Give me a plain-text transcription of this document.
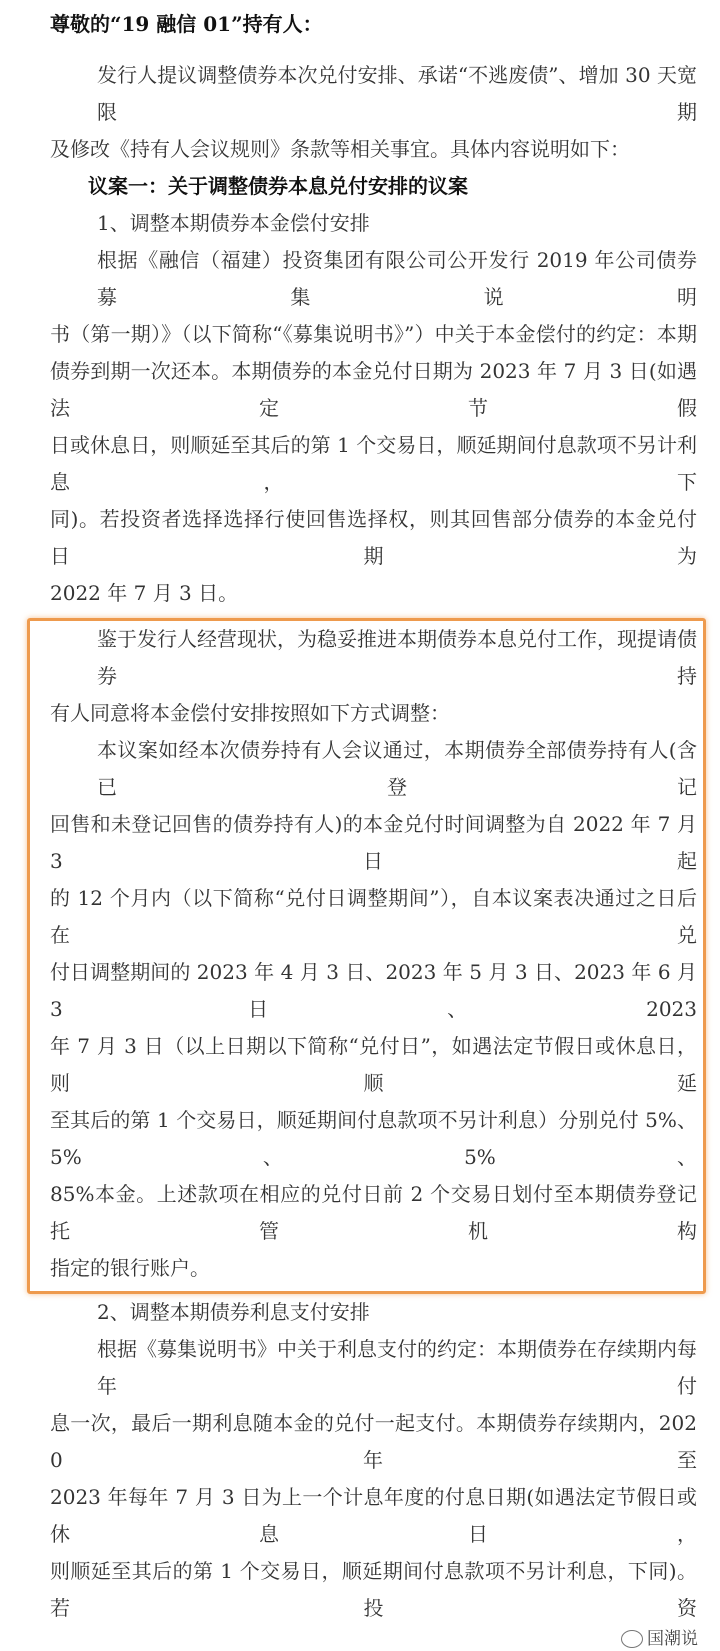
尊敬的“19 融信 01”持有人：
发行人提议调整债券本次兑付安排、承诺“不逃废债”、增加 30 天宽限期
及修改《持有人会议规则》条款等相关事宜。具体内容说明如下：
议案一：关于调整债券本息兑付安排的议案
1、调整本期债券本金偿付安排
根据《融信（福建）投资集团有限公司公开发行 2019 年公司债券募集说明
书（第一期）》（以下简称“《募集说明书》”）中关于本金偿付的约定：本期
债券到期一次还本。本期债券的本金兑付日期为 2023 年 7 月 3 日(如遇法定节假
日或休息日，则顺延至其后的第 1 个交易日，顺延期间付息款项不另计利息， 下
同)。若投资者选择选择行使回售选择权，则其回售部分债券的本金兑付日期为
2022 年 7 月 3 日。
鉴于发行人经营现状，为稳妥推进本期债券本息兑付工作，现提请债券持
有人同意将本金偿付安排按照如下方式调整：
本议案如经本次债券持有人会议通过，本期债券全部债券持有人(含已登记
回售和未登记回售的债券持有人)的本金兑付时间调整为自 2022 年 7 月 3 日起
的 12 个月内（以下简称“兑付日调整期间”），自本议案表决通过之日后在兑
付日调整期间的 2023 年 4 月 3 日、2023 年 5 月 3 日、2023 年 6 月 3 日、2023
年 7 月 3 日（以上日期以下简称“兑付日”，如遇法定节假日或休息日，则顺延
至其后的第 1 个交易日，顺延期间付息款项不另计利息）分别兑付 5%、5%、5%、
85%本金。上述款项在相应的兑付日前 2 个交易日划付至本期债券登记托管机构
指定的银行账户。
2、调整本期债券利息支付安排
根据《募集说明书》中关于利息支付的约定：本期债券在存续期内每年付
息一次，最后一期利息随本金的兑付一起支付。本期债券存续期内，2020 年至
2023 年每年 7 月 3 日为上一个计息年度的付息日期(如遇法定节假日或休息日，
则顺延至其后的第 1 个交易日，顺延期间付息款项不另计利息，下同)。若投资
国潮说
